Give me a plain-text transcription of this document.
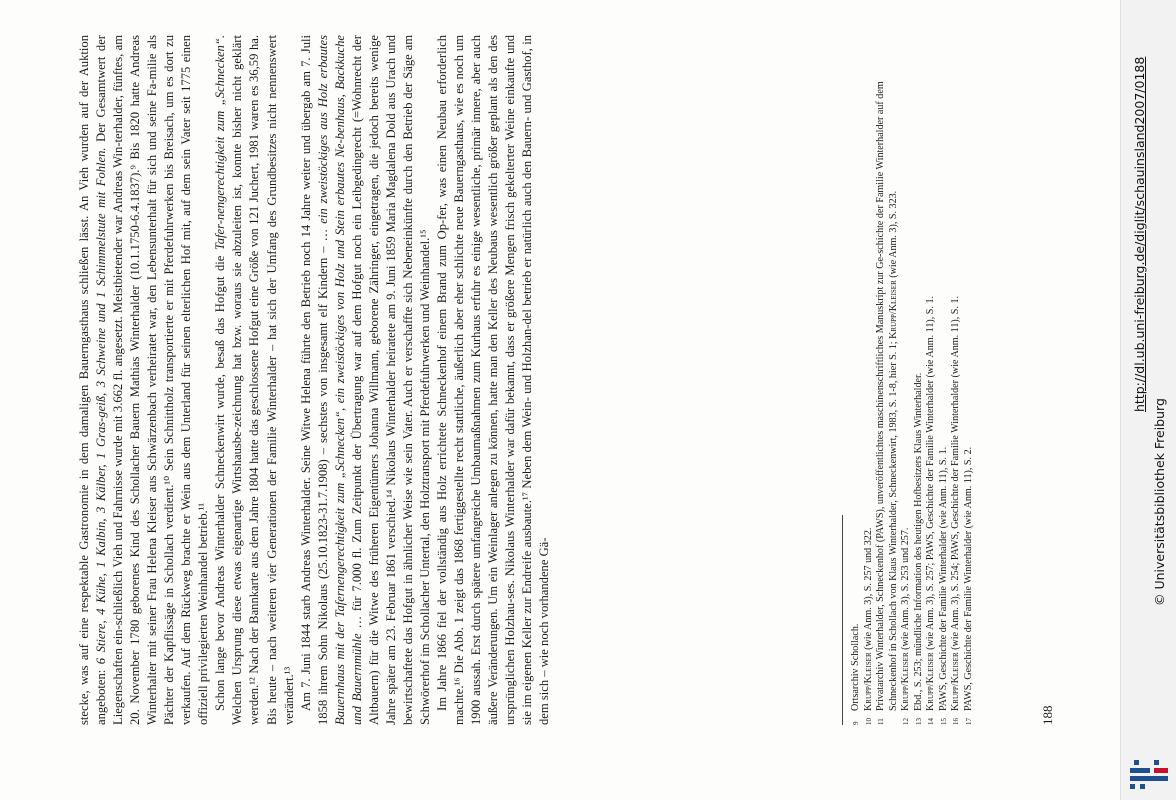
stecke, was auf eine respektable Gastronomie in dem damaligen Bauerngasthaus schließen lässt. An Vieh wurden auf der Auktion angeboten: 6 Stiere, 4 Kühe, 1 Kalbin, 3 Kälber, 1 Gras-geiß, 3 Schweine und 1 Schimmelstute mit Fohlen. Der Gesamtwert der Liegenschaften ein-schließlich Vieh und Fahrnisse wurde mit 3.662 fl. angesetzt. Meistbietender war Andreas Win-terhalder, fünftes, am 20. November 1780 geborenes Kind des Schollacher Bauern Mathias Winterhalder (10.1.1750-6.4.1837).⁹ Bis 1820 hatte Andreas Winterhalter mit seiner Frau Helena Kleiser aus Schwärzenbach verheiratet war, den Lebensunterhalt für sich und seine Fa-milie als Pächter der Kapflissäge in Schollach verdient.¹⁰ Sein Schnittholz transportierte er mit Pferdefuhrwerken bis Breisach, um es dort zu verkaufen. Auf dem Rückweg brachte er Wein aus dem Unterland für seinen elterlichen Hof mit, auf dem sein Vater seit 1775 einen offiziell privilegierten Weinhandel betrieb.¹¹ Schon lange bevor Andreas Winterhalder Schneckenwirt wurde, besaß das Hofgut die Tafer-nengerechtigkeit zum „Schnecken“. Welchen Ursprung diese etwas eigenartige Wirtshausbe-zeichnung hat bzw. woraus sie abzuleiten ist, konnte bisher nicht geklärt werden.¹² Nach der Bannkarte aus dem Jahre 1804 hatte das geschlossene Hofgut eine Größe von 121 Juchert, 1981 waren es 36,59 ha. Bis heute – nach weiteren vier Generationen der Familie Winterhalder – hat sich der Umfang des Grundbesitzes nicht nennenswert verändert.¹³ Am 7. Juni 1844 starb Andreas Winterhalder. Seine Witwe Helena führte den Betrieb noch 14 Jahre weiter und übergab am 7. Juli 1858 ihrem Sohn Nikolaus (25.10.1823-31.7.1908) – sechstes von insgesamt elf Kindern – … ein zweistöckiges aus Holz erbautes Bauernhaus mit der Tafernengerechtigkeit zum „Schnecken“, ein zweistöckiges von Holz und Stein erbautes Ne-benhaus, Backkuche und Bauernmühle … für 7.000 fl. Zum Zeitpunkt der Übertragung war auf dem Hofgut noch ein Leibgedingrecht (=Wohnrecht der Altbauern) für die Witwe des früheren Eigentümers Johanna Willmann, geborene Zähringer, eingetragen, die jedoch bereits wenige Jahre später am 23. Februar 1861 verschied.¹⁴ Nikolaus Winterhalder heiratete am 9. Juni 1859 Maria Magdalena Dold aus Urach und bewirtschaftete das Hofgut in ähnlicher Weise wie sein Vater. Auch er verschaffte sich Nebeneinkünfte durch den Betrieb der Säge am Schwörerhof im Schollacher Untertal, den Holztransport mit Pferdefuhrwerken und Weinhandel.¹⁵ Im Jahre 1866 fiel der vollständig aus Holz errichtete Schneckenhof einem Brand zum Op-fer, was einen Neubau erforderlich machte.¹⁶ Die Abb. 1 zeigt das 1868 fertiggestellte recht stattliche, äußerlich aber eher schlichte neue Bauerngasthaus, wie es noch um 1900 aussah. Erst durch spätere umfangreiche Umbaumaßnahmen zum Kurhaus erfuhr es einige wesentliche, primär innere, aber auch äußere Veränderungen. Um ein Weinlager anlegen zu können, hatte man den Keller des Neubaus wesentlich größer geplant als den des ursprünglichen Holzhau-ses. Nikolaus Winterhalder war dafür bekannt, dass er größere Mengen frisch gekelterter Weine einkaufte und sie im eigenen Keller zur Endreife ausbaute.¹⁷ Neben dem Wein- und Holzhan-del betrieb er natürlich auch den Bauern- und Gasthof, in dem sich – wie noch vorhandene Gä-	9Ortsarchiv Schollach.
10Krupp/Kleiser (wie Anm. 3), S. 257 und 322.
11Privatarchiv Winterhalder, Schneckenhof (PAWS), unveröffentlichtes maschinenschriftliches Manuskript zur Ge-schichte der Familie Winterhalder auf dem Schneckenhof in Schollach von Klaus Winterhalder, Schneckenwirt, 1983, S. 1-8, hier S. 1; Krupp/Kleiser (wie Anm. 3), S. 323.
12Krupp/Kleiser (wie Anm. 3), S. 253 und 257.
13Ebd., S. 253; mündliche Information des heutigen Hofbesitzers Klaus Winterhalder.
14Krupp/Kleiser (wie Anm. 3), S. 257; PAWS, Geschichte der Familie Winterhalder (wie Anm. 11), S. 1.
15PAWS, Geschichte der Familie Winterhalder (wie Anm. 11), S. 1.
16Krupp/Kleiser (wie Anm. 3), S. 254; PAWS, Geschichte der Familie Winterhalder (wie Anm. 11), S. 1.
17PAWS, Geschichte der Familie Winterhalder (wie Anm. 11), S. 2.
188
http://dl.ub.uni-freiburg.de/diglit/schauinsland2007/0188
© Universitätsbibliothek Freiburg
